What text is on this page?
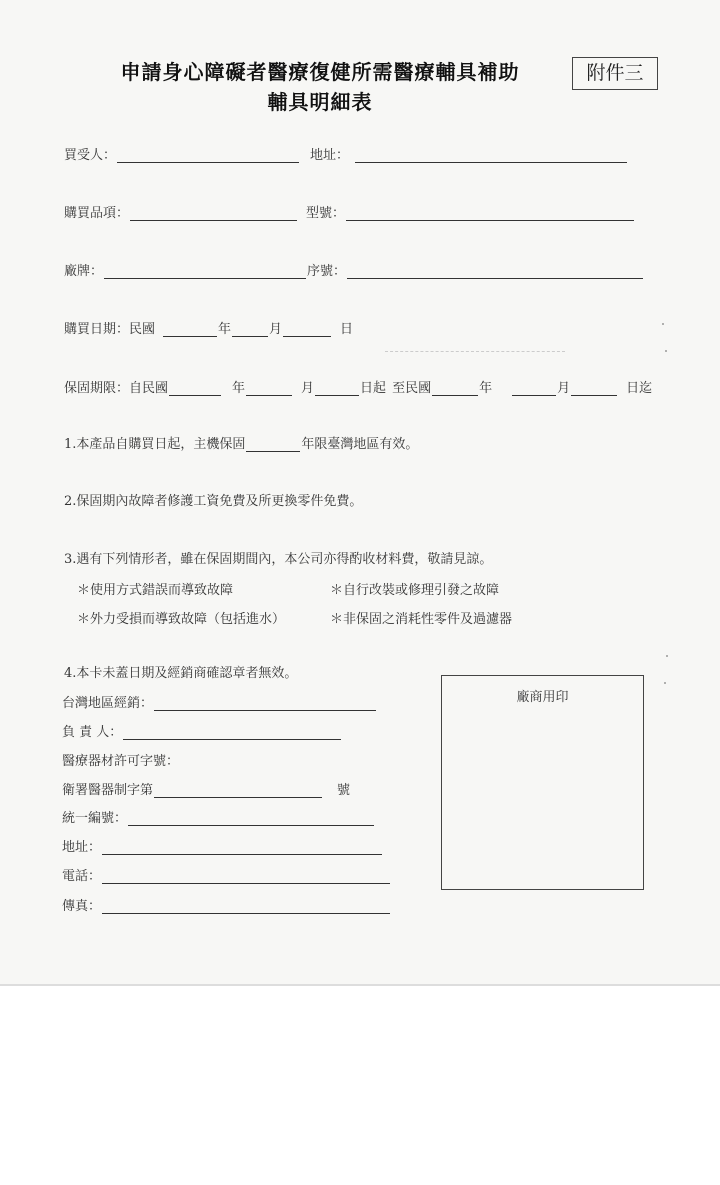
申請身心障礙者醫療復健所需醫療輔具補助
輔具明細表
附件三
買受人：	地址：
購買品項：	型號：
廠牌：	序號：
購買日期：民國	年	月	日
保固期限：自民國	年	月	日起 至民國	年	月	日迄
1.本產品自購買日起，主機保固	年限臺灣地區有效。
2.保固期內故障者修護工資免費及所更換零件免費。
3.遇有下列情形者，雖在保固期間內，本公司亦得酌收材料費，敬請見諒。
＊使用方式錯誤而導致故障	＊自行改裝或修理引發之故障
＊外力受損而導致故障（包括進水）	＊非保固之消耗性零件及過濾器
4.本卡未蓋日期及經銷商確認章者無效。
台灣地區經銷：
負 責 人：
醫療器材許可字號：
衛署醫器制字第	號
統一編號：
地址：
電話：
傳真：
廠商用印
